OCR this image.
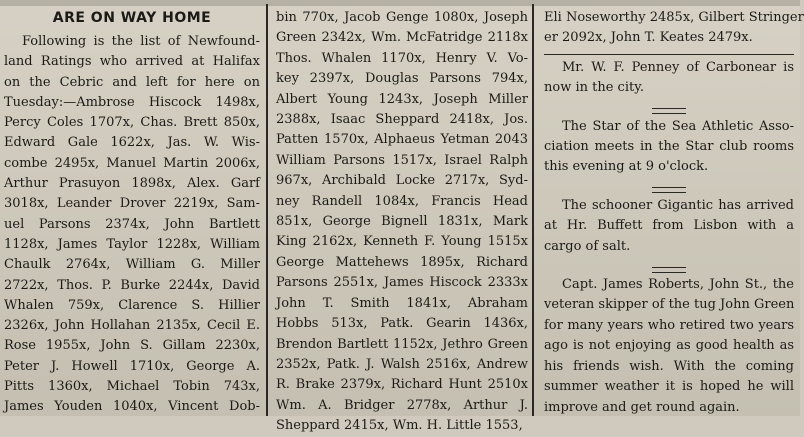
ARE ON WAY HOME
Following is the list of Newfound-
land Ratings who arrived at Halifax
on the Cebric and left for here on
Tuesday:—Ambrose Hiscock 1498x,
Percy Coles 1707x, Chas. Brett 850x,
Edward Gale 1622x, Jas. W. Wis-
combe 2495x, Manuel Martin 2006x,
Arthur Prasuyon 1898x, Alex. Garf
3018x, Leander Drover 2219x, Sam-
uel Parsons 2374x, John Bartlett
1128x, James Taylor 1228x, William
Chaulk 2764x, William G. Miller
2722x, Thos. P. Burke 2244x, David
Whalen 759x, Clarence S. Hillier
2326x, John Hollahan 2135x, Cecil E.
Rose 1955x, John S. Gillam 2230x,
Peter J. Howell 1710x, George A.
Pitts 1360x, Michael Tobin 743x,
James Youden 1040x, Vincent Dob-
bin 770x, Jacob Genge 1080x, Joseph
Green 2342x, Wm. McFatridge 2118x
Thos. Whalen 1170x, Henry V. Vo-
key 2397x, Douglas Parsons 794x,
Albert Young 1243x, Joseph Miller
2388x, Isaac Sheppard 2418x, Jos.
Patten 1570x, Alphaeus Yetman 2043
William Parsons 1517x, Israel Ralph
967x, Archibald Locke 2717x, Syd-
ney Randell 1084x, Francis Head
851x, George Bignell 1831x, Mark
King 2162x, Kenneth F. Young 1515x
George Mattehews 1895x, Richard
Parsons 2551x, James Hiscock 2333x
John T. Smith 1841x, Abraham
Hobbs 513x, Patk. Gearin 1436x,
Brendon Bartlett 1152x, Jethro Green
2352x, Patk. J. Walsh 2516x, Andrew
R. Brake 2379x, Richard Hunt 2510x
Wm. A. Bridger 2778x, Arthur J.
Sheppard 2415x, Wm. H. Little 1553,
Eli Noseworthy 2485x, Gilbert Stringer
er 2092x, John T. Keates 2479x.
Mr. W. F. Penney of Carbonear is
now in the city.
The Star of the Sea Athletic Asso-
ciation meets in the Star club rooms
this evening at 9 o'clock.
The schooner Gigantic has arrived
at Hr. Buffett from Lisbon with a
cargo of salt.
Capt. James Roberts, John St., the
veteran skipper of the tug John Green
for many years who retired two years
ago is not enjoying as good health as
his friends wish. With the coming
summer weather it is hoped he will
improve and get round again.
